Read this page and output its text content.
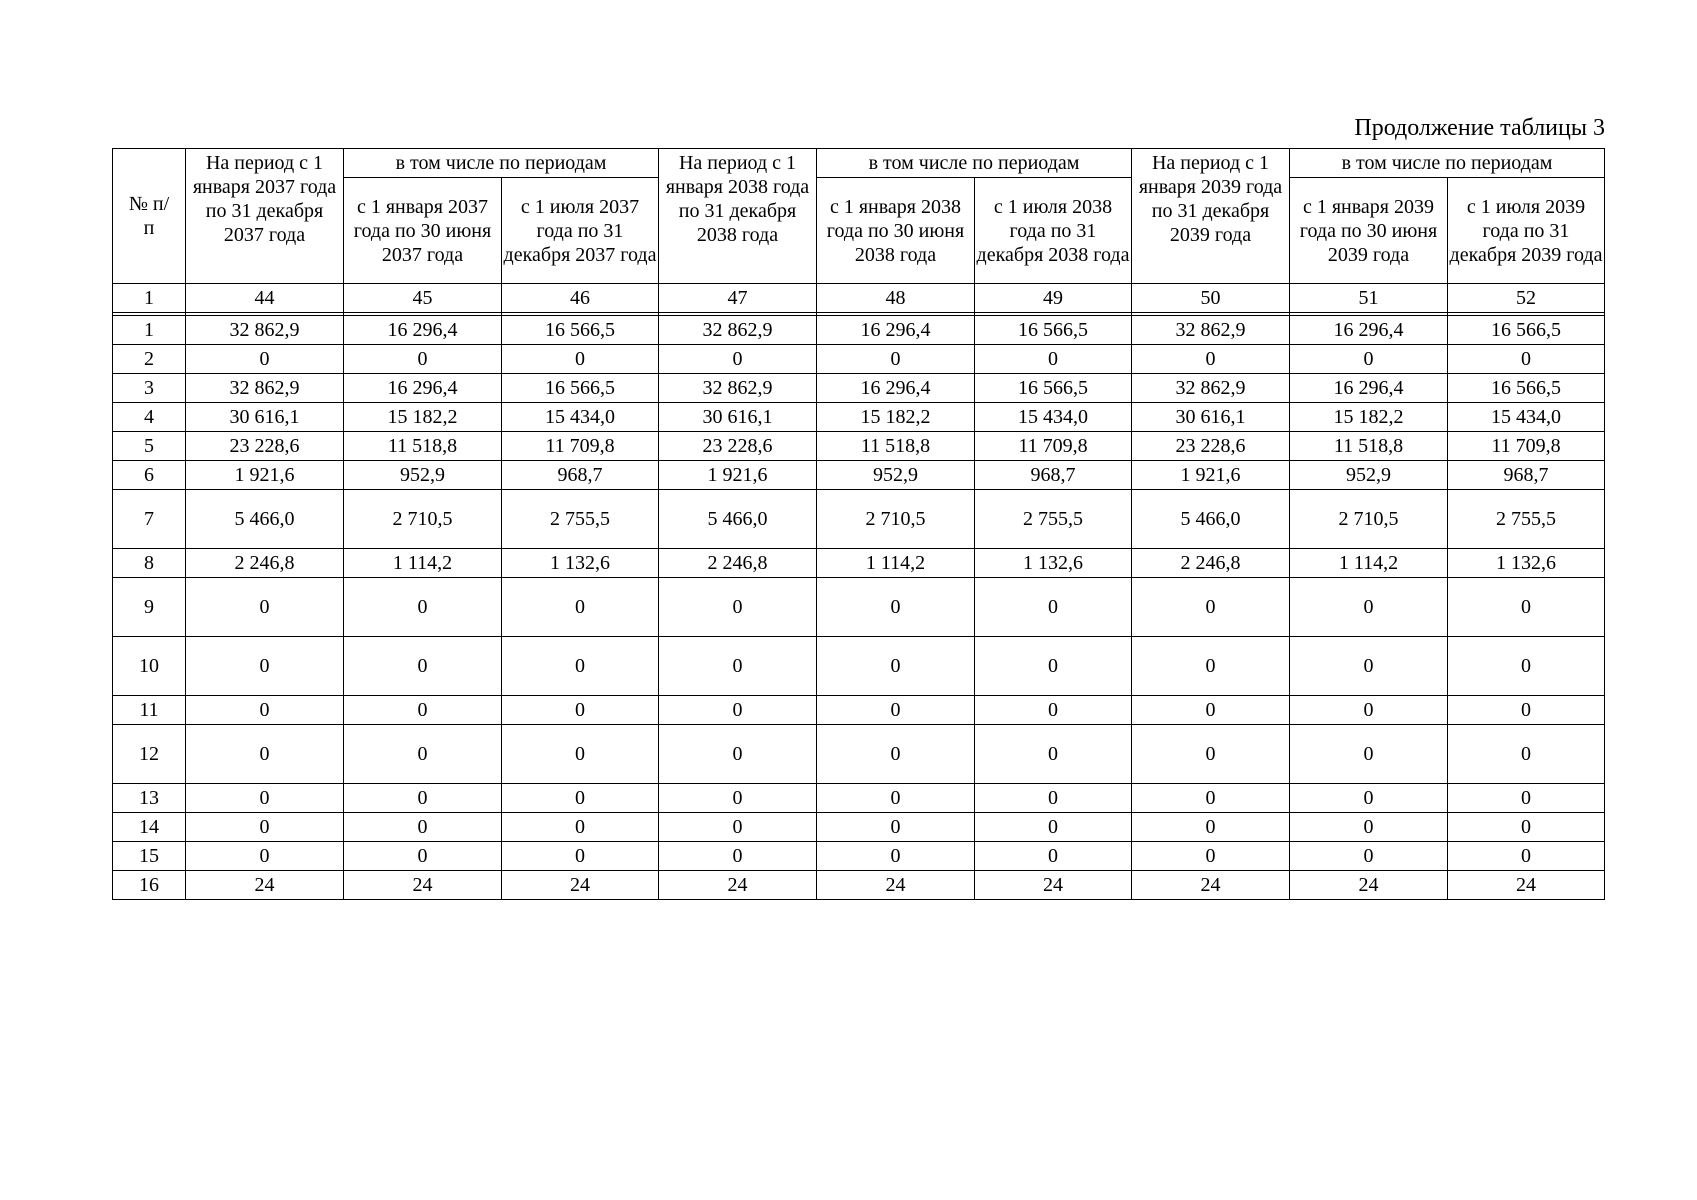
Продолжение таблицы 3
№ п/п	На период с 1 января 2037 года по 31 декабря 2037 года	в том числе по периодам		На период с 1 января 2038 года по 31 декабря 2038 года	в том числе по периодам		На период с 1 января 2039 года по 31 декабря 2039 года	в том числе по периодам	
		с 1 января 2037 года по 30 июня 2037 года	с 1 июля 2037 года по 31 декабря 2037 года		с 1 января 2038 года по 30 июня 2038 года	с 1 июля 2038 года по 31 декабря 2038 года		с 1 января 2039 года по 30 июня 2039 года	с 1 июля 2039 года по 31 декабря 2039 года
1	44	45	46	47	48	49	50	51	52

1	32 862,9	16 296,4	16 566,5	32 862,9	16 296,4	16 566,5	32 862,9	16 296,4	16 566,5
2	0	0	0	0	0	0	0	0	0
3	32 862,9	16 296,4	16 566,5	32 862,9	16 296,4	16 566,5	32 862,9	16 296,4	16 566,5
4	30 616,1	15 182,2	15 434,0	30 616,1	15 182,2	15 434,0	30 616,1	15 182,2	15 434,0
5	23 228,6	11 518,8	11 709,8	23 228,6	11 518,8	11 709,8	23 228,6	11 518,8	11 709,8
6	1 921,6	952,9	968,7	1 921,6	952,9	968,7	1 921,6	952,9	968,7
7	5 466,0	2 710,5	2 755,5	5 466,0	2 710,5	2 755,5	5 466,0	2 710,5	2 755,5
8	2 246,8	1 114,2	1 132,6	2 246,8	1 114,2	1 132,6	2 246,8	1 114,2	1 132,6
9	0	0	0	0	0	0	0	0	0
10	0	0	0	0	0	0	0	0	0
11	0	0	0	0	0	0	0	0	0
12	0	0	0	0	0	0	0	0	0
13	0	0	0	0	0	0	0	0	0
14	0	0	0	0	0	0	0	0	0
15	0	0	0	0	0	0	0	0	0
16	24	24	24	24	24	24	24	24	24
